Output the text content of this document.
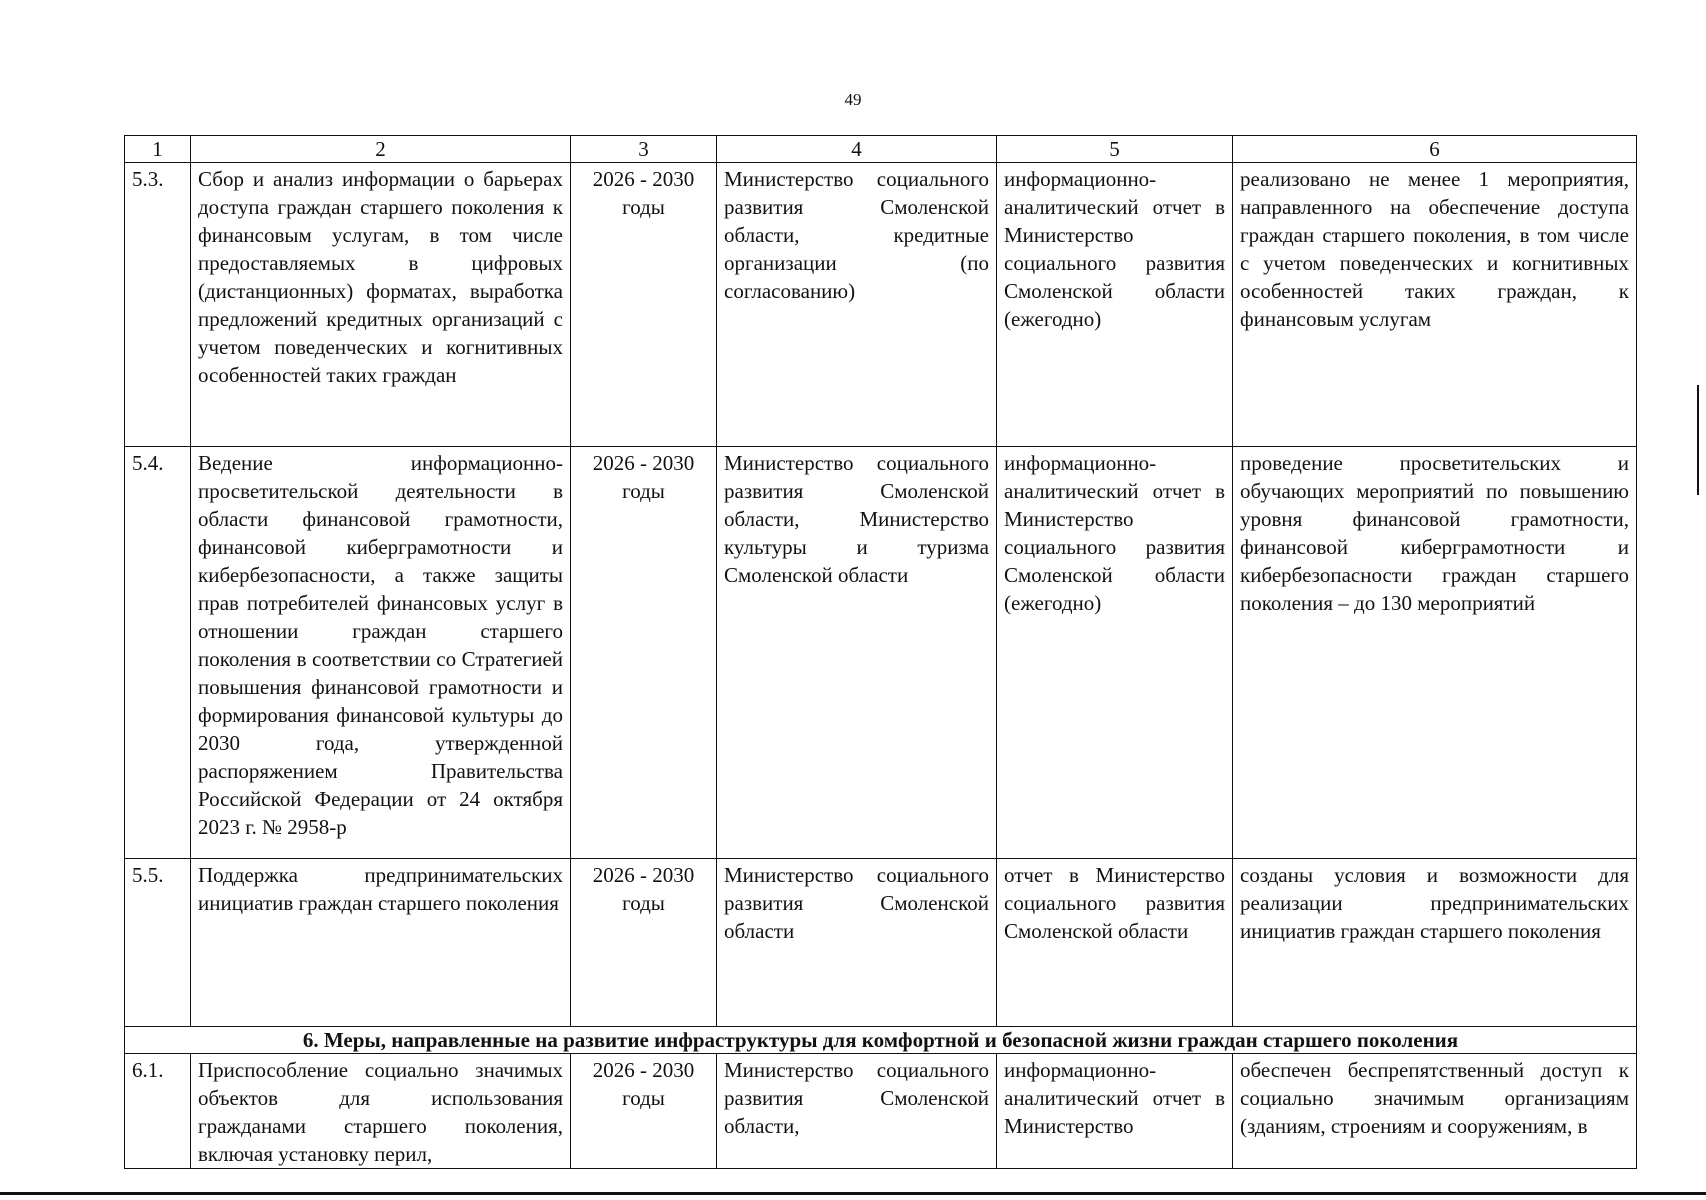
49
1	2	3	4	5	6
5.3.	Сбор и анализ информации о барьерах доступа граждан старшего поколения к финансовым услугам, в том числе предоставляемых в цифровых (дистанционных) форматах, выработка предложений кредитных организаций с учетом поведенческих и когнитивных особенностей таких граждан	2026 - 2030 годы	Министерство социального развития Смоленской области, кредитные организации (по согласованию)	информационно-аналитический отчет в Министерство социального развития Смоленской области (ежегодно)	реализовано не менее 1 мероприятия, направленного на обеспечение доступа граждан старшего поколения, в том числе с учетом поведенческих и когнитивных особенностей таких граждан, к финансовым услугам
5.4.	Ведение информационно-просветительской деятельности в области финансовой грамотности, финансовой киберграмотности и кибербезопасности, а также защиты прав потребителей финансовых услуг в отношении граждан старшего поколения в соответствии со Стратегией повышения финансовой грамотности и формирования финансовой культуры до 2030 года, утвержденной распоряжением Правительства Российской Федерации от 24 октября 2023 г. № 2958-р	2026 - 2030 годы	Министерство социального развития Смоленской области, Министерство культуры и туризма Смоленской области	информационно-аналитический отчет в Министерство социального развития Смоленской области (ежегодно)	проведение просветительских и обучающих мероприятий по повышению уровня финансовой грамотности, финансовой киберграмотности и кибербезопасности граждан старшего поколения – до 130 мероприятий
5.5.	Поддержка предпринимательских инициатив граждан старшего поколения	2026 - 2030 годы	Министерство социального развития Смоленской области	отчет в Министерство социального развития Смоленской области	созданы условия и возможности для реализации предпринимательских инициатив граждан старшего поколения
6. Меры, направленные на развитие инфраструктуры для комфортной и безопасной жизни граждан старшего поколения					
6.1.	Приспособление социально значимых объектов для использования гражданами старшего поколения, включая установку перил,	2026 - 2030 годы	Министерство социального развития Смоленской области,	информационно-аналитический отчет в Министерство	обеспечен беспрепятственный доступ к социально значимым организациям (зданиям, строениям и сооружениям, в
